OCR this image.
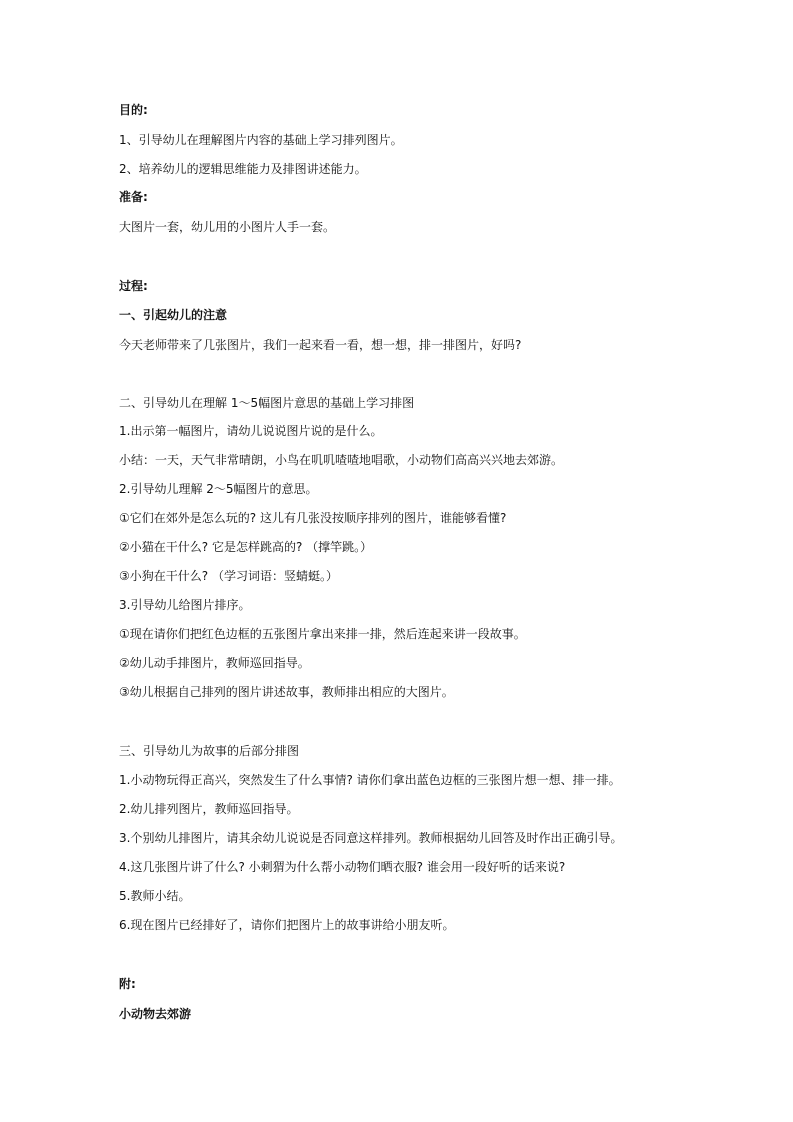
目的:
1、引导幼儿在理解图片内容的基础上学习排列图片。
2、培养幼儿的逻辑思维能力及排图讲述能力。
准备:
大图片一套，幼儿用的小图片人手一套。
过程:
一、引起幼儿的注意
今天老师带来了几张图片，我们一起来看一看，想一想，排一排图片，好吗?
二、引导幼儿在理解 1～5幅图片意思的基础上学习排图
1.出示第一幅图片，请幼儿说说图片说的是什么。
小结：一天，天气非常晴朗，小鸟在叽叽喳喳地唱歌，小动物们高高兴兴地去郊游。
2.引导幼儿理解 2～5幅图片的意思。
①它们在郊外是怎么玩的? 这儿有几张没按顺序排列的图片，谁能够看懂?
②小猫在干什么? 它是怎样跳高的? （撑竿跳。）
③小狗在干什么? （学习词语：竖蜻蜓。）
3.引导幼儿给图片排序。
①现在请你们把红色边框的五张图片拿出来排一排，然后连起来讲一段故事。
②幼儿动手排图片，教师巡回指导。
③幼儿根据自己排列的图片讲述故事，教师排出相应的大图片。
三、引导幼儿为故事的后部分排图
1.小动物玩得正高兴，突然发生了什么事情? 请你们拿出蓝色边框的三张图片想一想、排一排。
2.幼儿排列图片，教师巡回指导。
3.个别幼儿排图片，请其余幼儿说说是否同意这样排列。教师根据幼儿回答及时作出正确引导。
4.这几张图片讲了什么? 小刺猬为什么帮小动物们晒衣服? 谁会用一段好听的话来说?
5.教师小结。
6.现在图片已经排好了，请你们把图片上的故事讲给小朋友听。
附:
小动物去郊游
